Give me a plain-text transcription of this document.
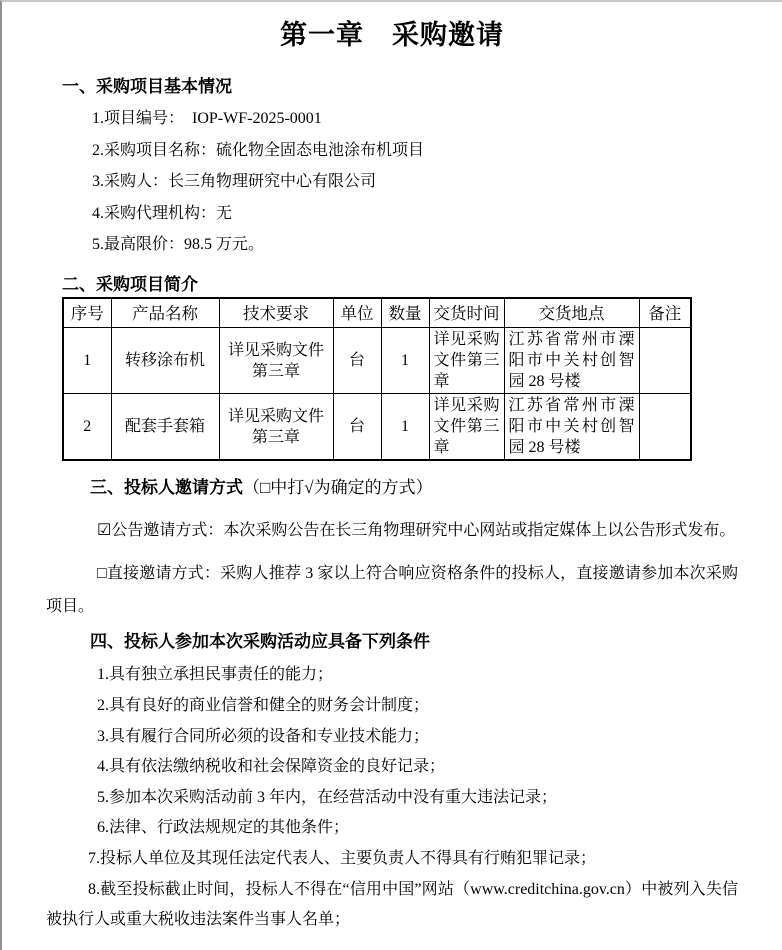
第一章　采购邀请
一、采购项目基本情况

1.项目编号：  IOP-WF-2025-0001

2.采购项目名称：硫化物全固态电池涂布机项目

3.采购人：长三角物理研究中心有限公司

4.采购代理机构：无

5.最高限价：98.5 万元。

二、采购项目简介
序号	产品名称	技术要求	单位	数量	交货时间	交货地点	备注
1	转移涂布机	详见采购文件第三章	台	1	详见采购文件第三章	江苏省常州市溧阳市中关村创智园 28 号楼	
2	配套手套箱	详见采购文件第三章	台	1	详见采购文件第三章	江苏省常州市溧阳市中关村创智园 28 号楼	
三、投标人邀请方式（□中打√为确定的方式）

☑公告邀请方式：本次采购公告在长三角物理研究中心网站或指定媒体上以公告形式发布。

□直接邀请方式：采购人推荐 3 家以上符合响应资格条件的投标人，直接邀请参加本次采购项目。

四、投标人参加本次采购活动应具备下列条件

1.具有独立承担民事责任的能力；

2.具有良好的商业信誉和健全的财务会计制度；

3.具有履行合同所必须的设备和专业技术能力；

4.具有依法缴纳税收和社会保障资金的良好记录；

5.参加本次采购活动前 3 年内，在经营活动中没有重大违法记录；

6.法律、行政法规规定的其他条件；

7.投标人单位及其现任法定代表人、主要负责人不得具有行贿犯罪记录；

8.截至投标截止时间，投标人不得在“信用中国”网站（www.creditchina.gov.cn）中被列入失信被执行人或重大税收违法案件当事人名单；
